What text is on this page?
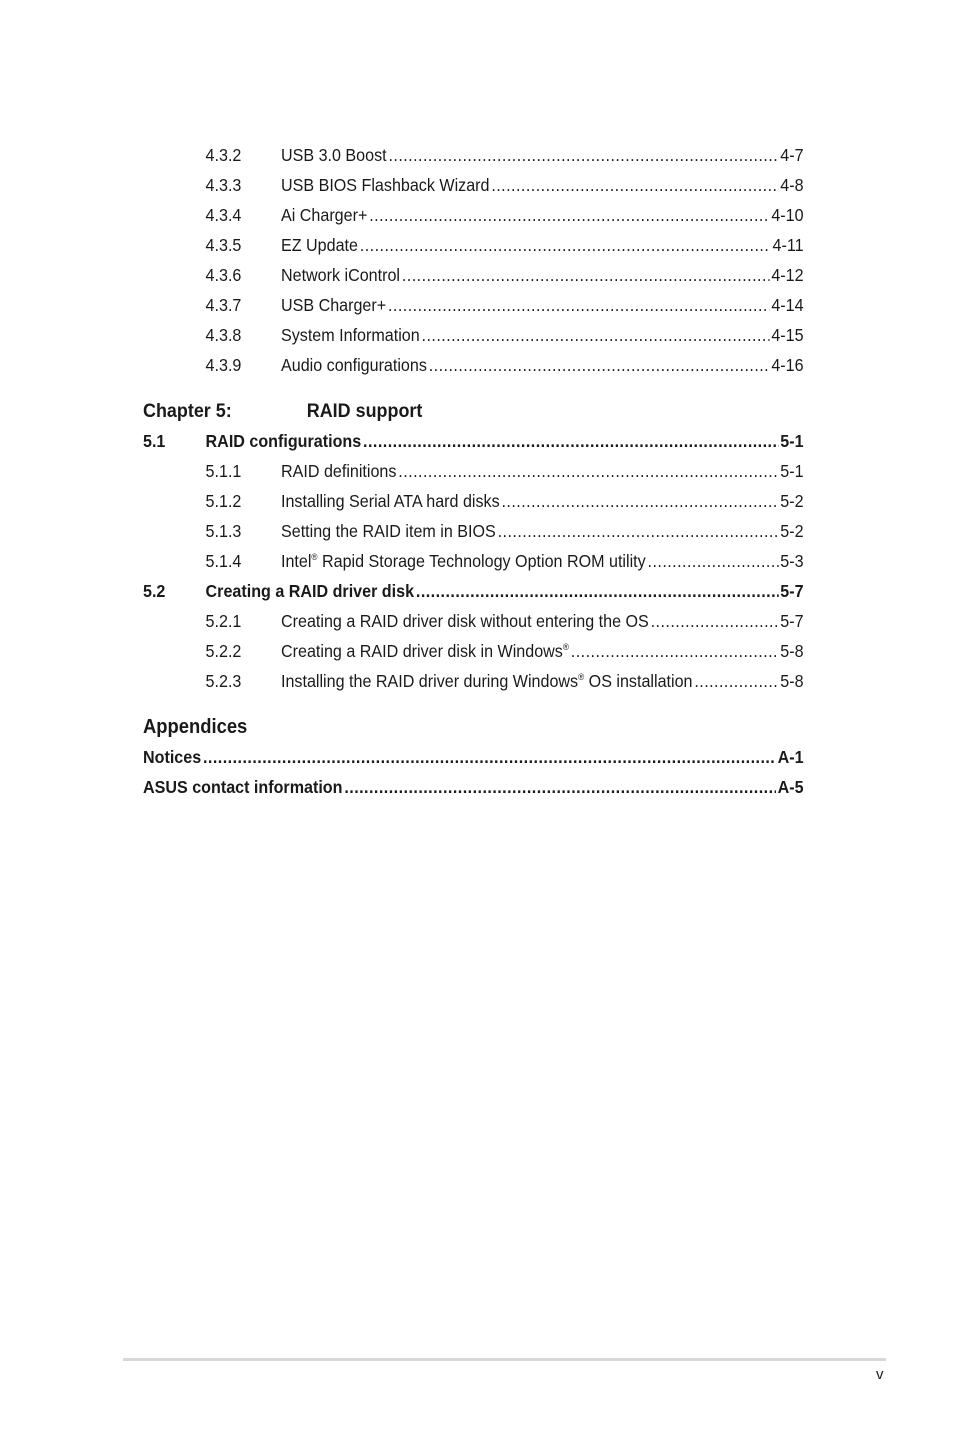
4.3.2	USB 3.0 Boost .....	4-7
4.3.3	USB BIOS Flashback Wizard .....	4-8
4.3.4	Ai Charger+ .....	4-10
4.3.5	EZ Update .....	4-11
4.3.6	Network iControl .....	4-12
4.3.7	USB Charger+ .....	4-14
4.3.8	System Information .....	4-15
4.3.9	Audio configurations .....	4-16
Chapter 5:	RAID support
5.1	RAID configurations .....	5-1
5.1.1	RAID definitions .....	5-1
5.1.2	Installing Serial ATA hard disks .....	5-2
5.1.3	Setting the RAID item in BIOS .....	5-2
5.1.4	Intel® Rapid Storage Technology Option ROM utility .....	5-3
5.2	Creating a RAID driver disk .....	5-7
5.2.1	Creating a RAID driver disk without entering the OS .....	5-7
5.2.2	Creating a RAID driver disk in Windows® .....	5-8
5.2.3	Installing the RAID driver during Windows® OS installation .....	5-8
Appendices
Notices .....	A-1
ASUS contact information .....	A-5
v
